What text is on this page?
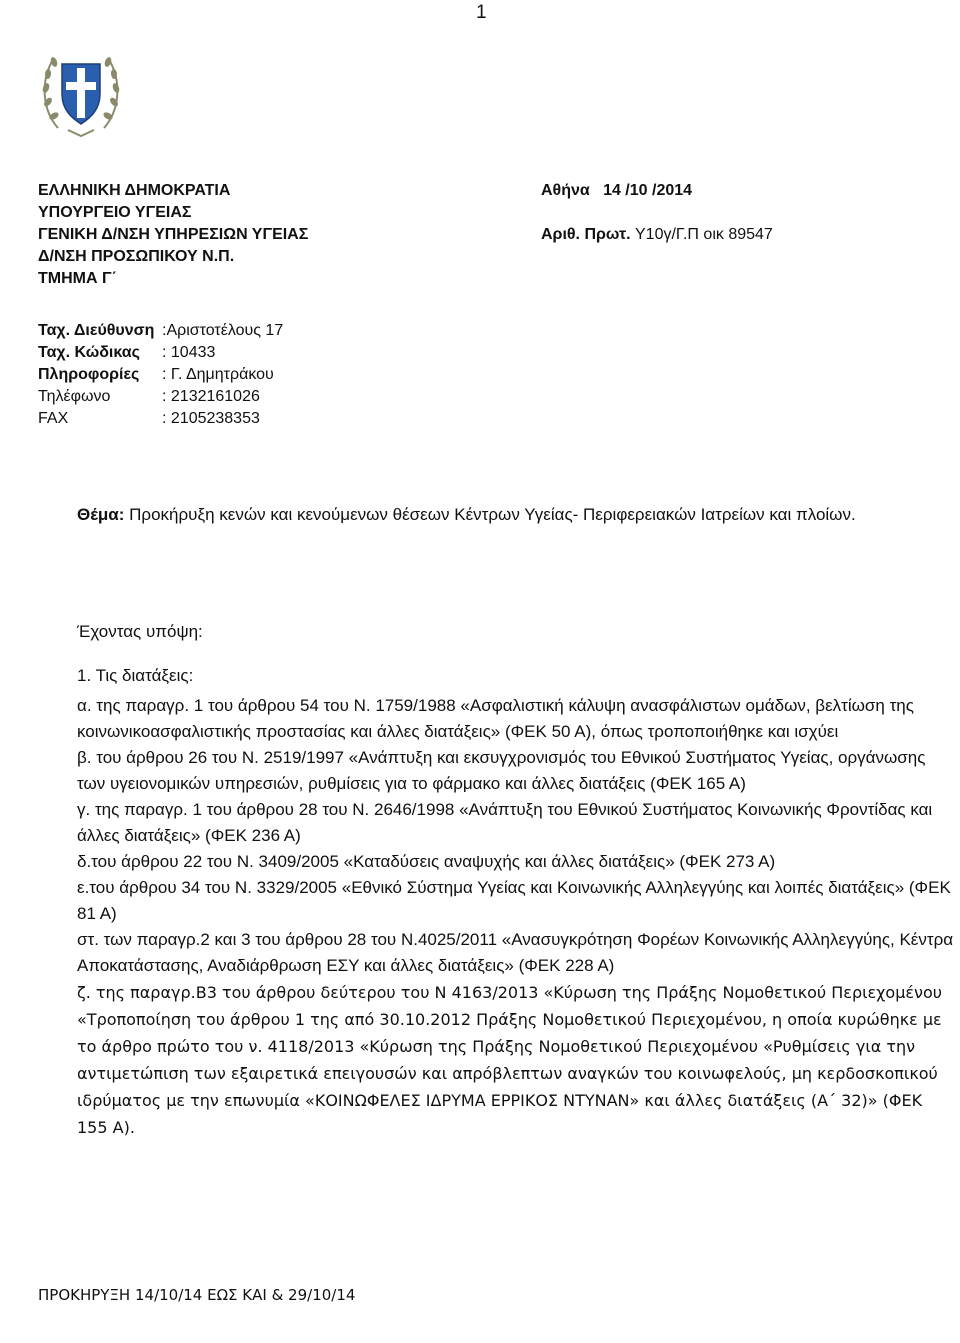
1
ΕΛΛΗΝΙΚΗ ΔΗΜΟΚΡΑΤΙΑ
ΥΠΟΥΡΓΕΙΟ ΥΓΕΙΑΣ
ΓΕΝΙΚΗ Δ/ΝΣΗ ΥΠΗΡΕΣΙΩΝ ΥΓΕΙΑΣ
Δ/ΝΣΗ ΠΡΟΣΩΠΙΚΟΥ Ν.Π.
ΤΜΗΜΑ Γ΄
Αθήνα 14 /10 /2014
Αριθ. Πρωτ. Υ10γ/Γ.Π οικ 89547
Ταχ. Διεύθυνση :Αριστοτέλους 17
Ταχ. Κώδικας	: 10433
Πληροφορίες	: Γ. Δημητράκου
Τηλέφωνο	: 2132161026
FAX	: 2105238353
Θέμα: Προκήρυξη κενών και κενούμενων θέσεων Κέντρων Υγείας- Περιφερειακών Ιατρείων και πλοίων.
Έχοντας υπόψη:
1. Τις διατάξεις:

α. της παραγρ. 1 του άρθρου 54 του Ν. 1759/1988 «Ασφαλιστική κάλυψη ανασφάλιστων ομάδων, βελτίωση της κοινωνικοασφαλιστικής προστασίας και άλλες διατάξεις» (ΦΕΚ 50 Α), όπως τροποποιήθηκε και ισχύει

β. του άρθρου 26 του Ν. 2519/1997 «Ανάπτυξη και εκσυγχρονισμός του Εθνικού Συστήματος Υγείας, οργάνωσης των υγειονομικών υπηρεσιών, ρυθμίσεις για το φάρμακο και άλλες διατάξεις (ΦΕΚ 165 Α)

γ. της παραγρ. 1 του άρθρου 28 του Ν. 2646/1998 «Ανάπτυξη του Εθνικού Συστήματος Κοινωνικής Φροντίδας και άλλες διατάξεις» (ΦΕΚ 236 Α)

δ.του άρθρου 22 του Ν. 3409/2005 «Καταδύσεις αναψυχής και άλλες διατάξεις» (ΦΕΚ 273 Α)

ε.του άρθρου 34 του Ν. 3329/2005 «Εθνικό Σύστημα Υγείας και Κοινωνικής Αλληλεγγύης και λοιπές διατάξεις» (ΦΕΚ 81 Α)

στ. των παραγρ.2 και 3 του άρθρου 28 του Ν.4025/2011 «Ανασυγκρότηση Φορέων Κοινωνικής Αλληλεγγύης, Κέντρα Αποκατάστασης, Αναδιάρθρωση ΕΣΥ και άλλες διατάξεις» (ΦΕΚ 228 Α)

ζ. της παραγρ.Β3 του άρθρου δεύτερου του Ν 4163/2013 «Κύρωση της Πράξης Νομοθετικού Περιεχομένου «Τροποποίηση του άρθρου 1 της από 30.10.2012 Πράξης Νομοθετικού Περιεχομένου, η οποία κυρώθηκε με το άρθρο πρώτο του ν. 4118/2013 «Κύρωση της Πράξης Νομοθετικού Περιεχομένου «Ρυθμίσεις για την αντιμετώπιση των εξαιρετικά επειγουσών και απρόβλεπτων αναγκών του κοινωφελούς, μη κερδοσκοπικού ιδρύματος με την επωνυμία «ΚΟΙΝΩΦΕΛΕΣ ΙΔΡΥΜΑ ΕΡΡΙΚΟΣ ΝΤΥΝΑΝ» και άλλες διατάξεις (Α΄ 32)» (ΦΕΚ 155 Α).

ΠΡΟΚΗΡΥΞΗ 14/10/14 ΕΩΣ ΚΑΙ & 29/10/14
